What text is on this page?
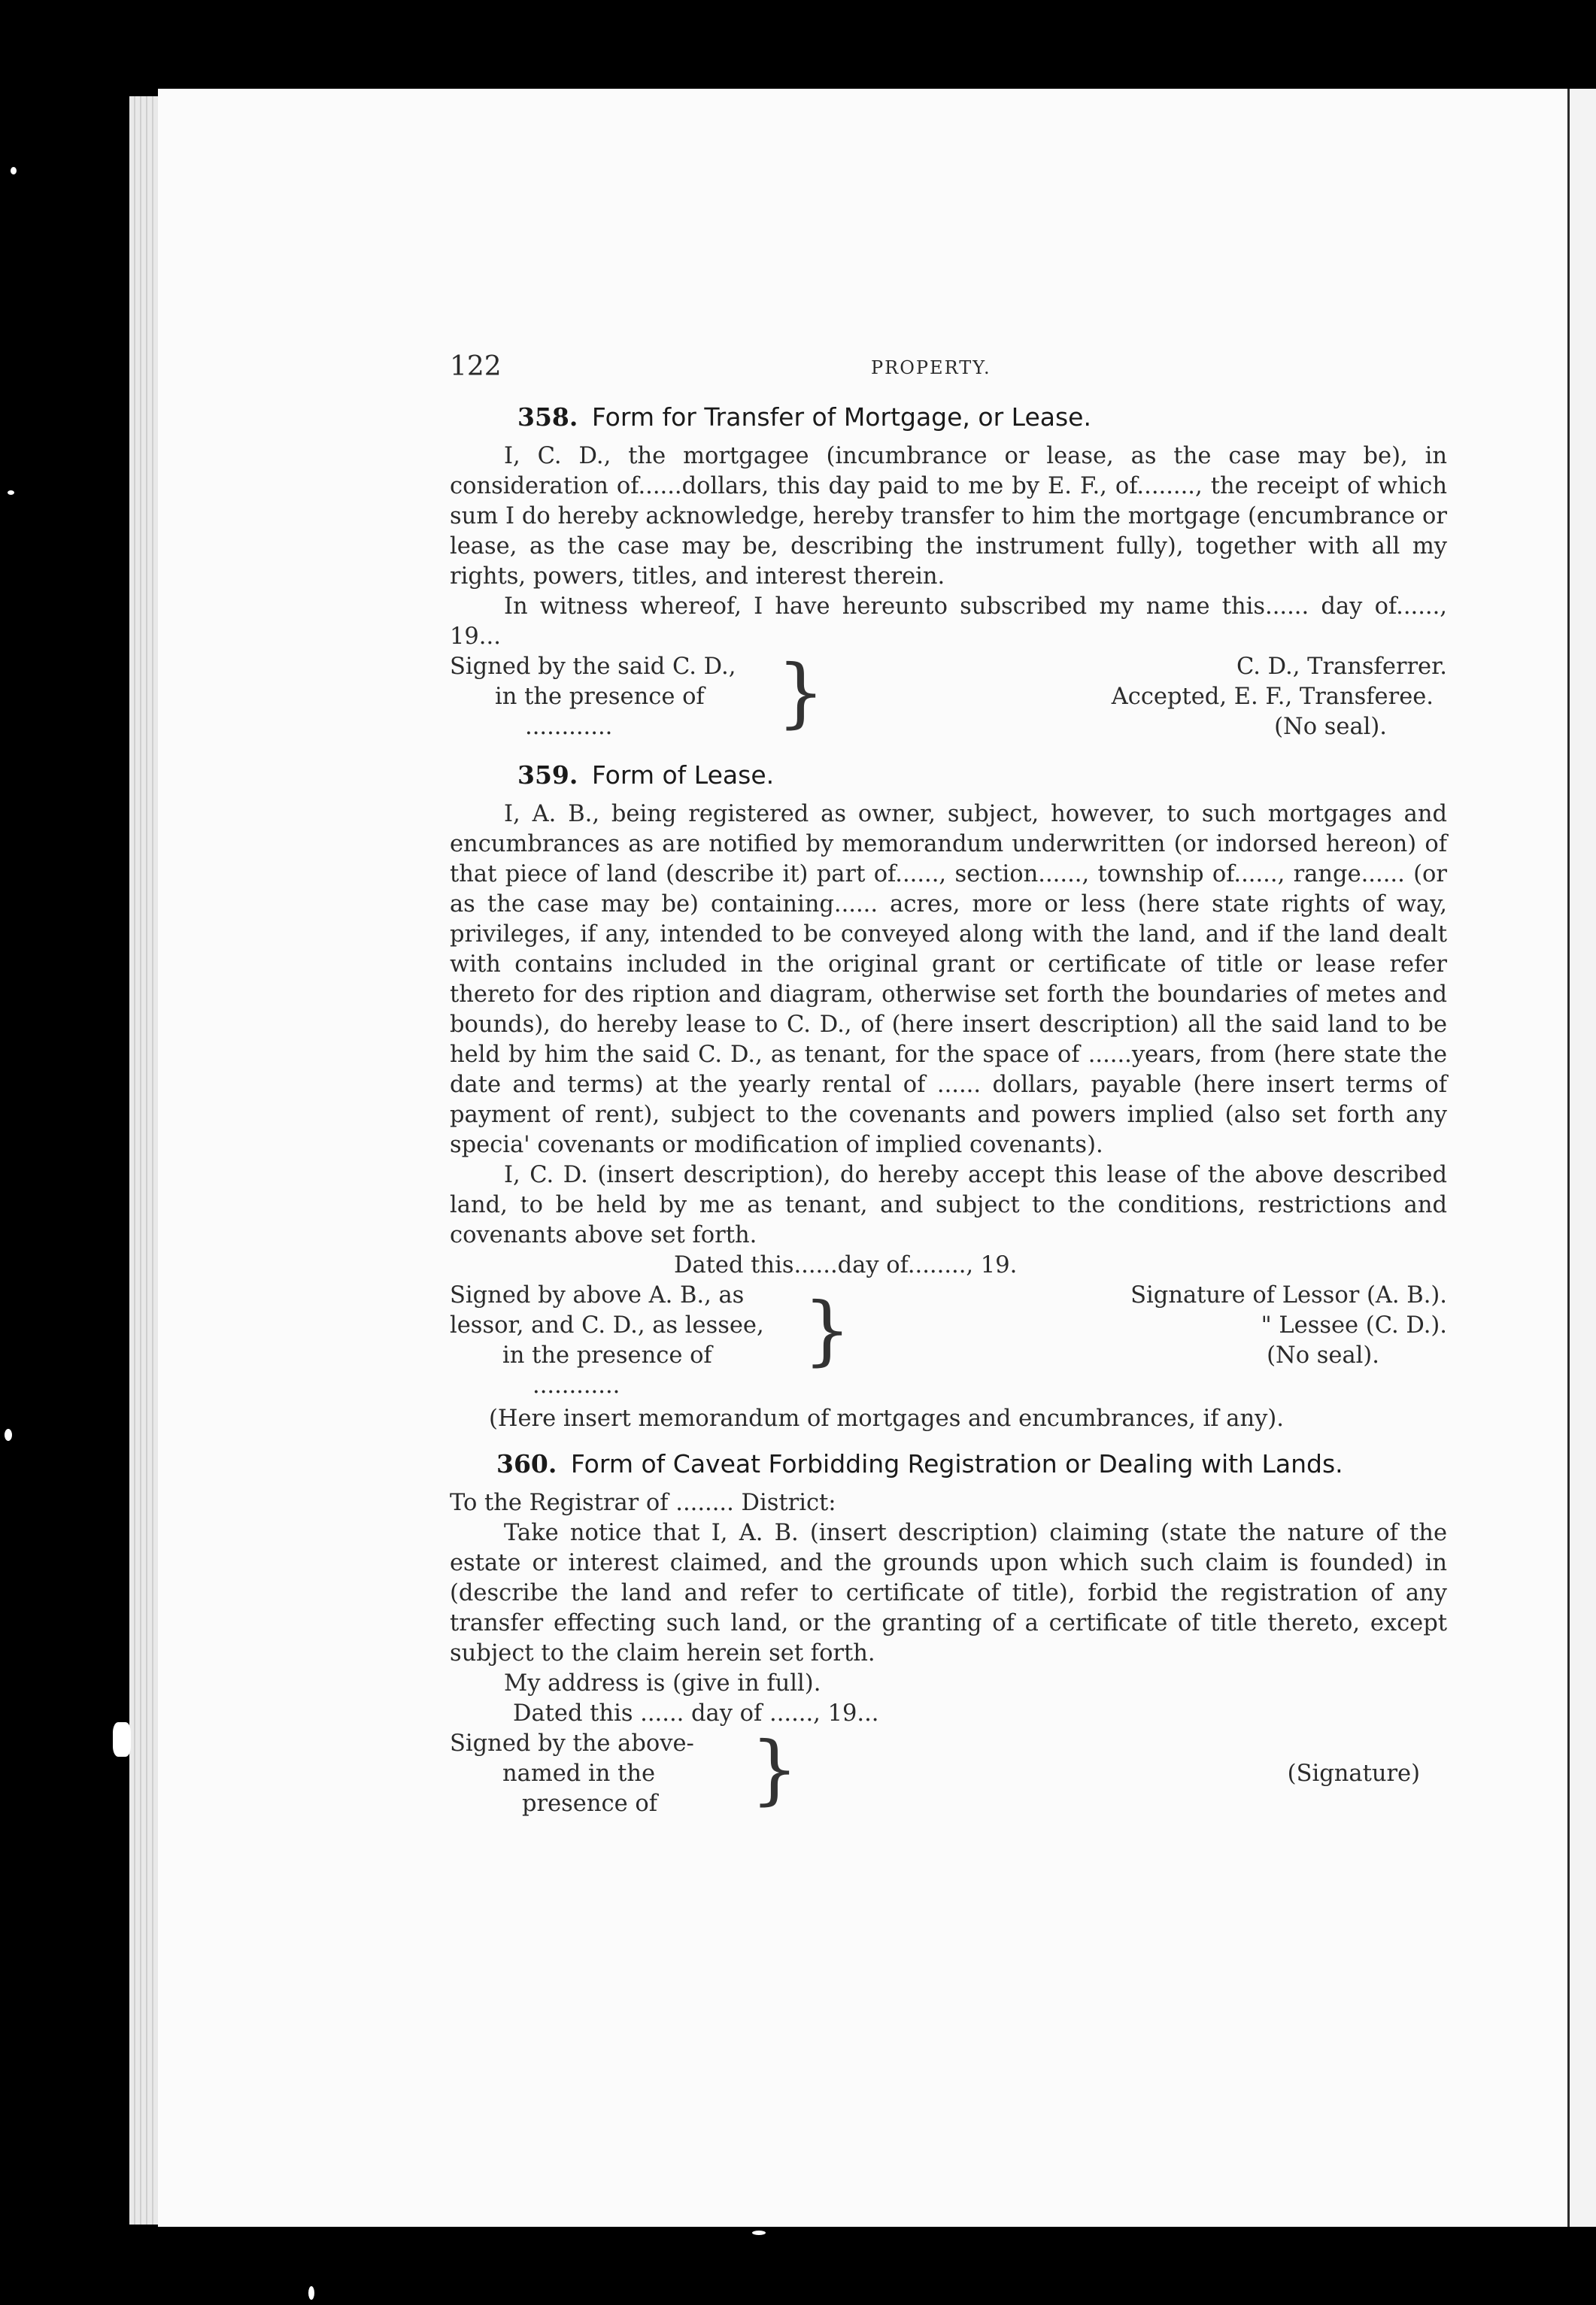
122	PROPERTY.
358. Form for Transfer of Mortgage, or Lease.

I, C. D., the mortgagee (incumbrance or lease, as the case may be), in consideration of......dollars, this day paid to me by E. F., of........, the receipt of which sum I do hereby acknowledge, hereby transfer to him the mortgage (encumbrance or lease, as the case may be, describing the instrument fully), together with all my rights, powers, titles, and interest therein.

In witness whereof, I have hereunto subscribed my name this...... day of......, 19...

Signed by the said C. D.,
in the presence of
............	}	C. D., Transferrer.
Accepted, E. F., Transferee.
(No seal).
359. Form of Lease.

I, A. B., being registered as owner, subject, however, to such mortgages and encumbrances as are notified by memorandum underwritten (or indorsed hereon) of that piece of land (describe it) part of......, section......, township of......, range...... (or as the case may be) containing...... acres, more or less (here state rights of way, privileges, if any, intended to be conveyed along with the land, and if the land dealt with contains included in the original grant or certificate of title or lease refer thereto for des ription and diagram, otherwise set forth the boundaries of metes and bounds), do hereby lease to C. D., of (here insert description) all the said land to be held by him the said C. D., as tenant, for the space of ......years, from (here state the date and terms) at the yearly rental of ...... dollars, payable (here insert terms of payment of rent), subject to the covenants and powers implied (also set forth any specia' covenants or modification of implied covenants).

I, C. D. (insert description), do hereby accept this lease of the above described land, to be held by me as tenant, and subject to the conditions, restrictions and covenants above set forth.

Dated this......day of........, 19.

Signed by above A. B., as
lessor, and C. D., as lessee,
in the presence of
............
}	Signature of Lessor (A. B.).
" Lessee (C. D.).
(No seal).

(Here insert memorandum of mortgages and encumbrances, if any).

360. Form of Caveat Forbidding Registration or Dealing with Lands.

To the Registrar of ........ District:

Take notice that I, A. B. (insert description) claiming (state the nature of the estate or interest claimed, and the grounds upon which such claim is founded) in (describe the land and refer to certificate of title), forbid the registration of any transfer effecting such land, or the granting of a certificate of title thereto, except subject to the claim herein set forth.

My address is (give in full).

Dated this ...... day of ......, 19...

Signed by the above-
named in the
presence of	}	(Signature)
